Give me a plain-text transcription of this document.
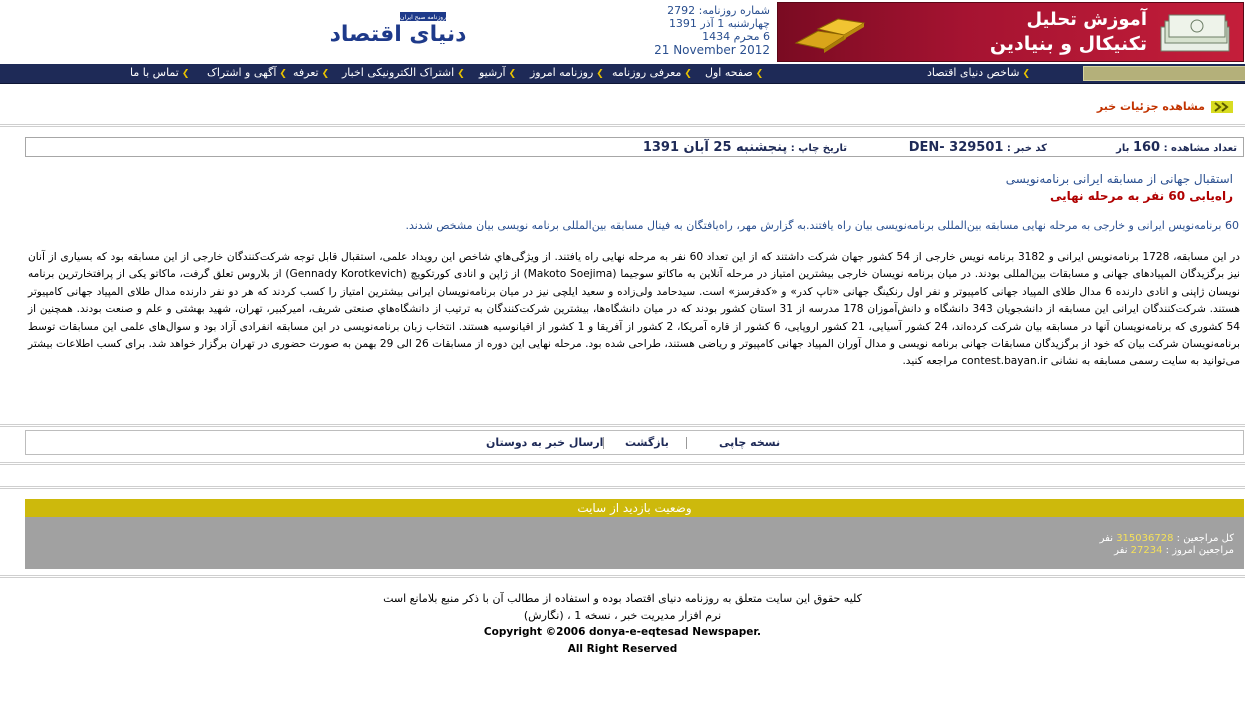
آموزش تحلیل
تکنیکال و بنیادین
شماره روزنامه: 2792
چهارشنبه 1 آذر 1391
6 محرم 1434
21 November 2012
روزنامه صبح ایران
دنیای اقتصاد
❯شاخص دنیای اقتصاد
❯صفحه اول
❯معرفی روزنامه
❯روزنامه امروز
❯آرشیو
❯اشتراک الکترونیکی اخبار
❯تعرفه
❯آگهی و اشتراک
❯تماس با ما
مشاهده جزئیات خبر
تعداد مشاهده : 160 بار
کد خبر : DEN- 329501
تاریخ چاپ : پنجشنبه 25 آبان 1391
استقبال جهانی از مسابقه ایرانی برنامه‌نویسی
راه‌یابی 60 نفر به مرحله نهایی
60 برنامه‌نویس ایرانی و خارجی به مرحله نهایی مسابقه بین‌المللی برنامه‌نویسی بیان راه یافتند.به گزارش مهر، راه‌یافتگان به فینال مسابقه بین‌المللی برنامه نویسی بیان مشخص شدند.
در این مسابقه، 1728 برنامه‌نویس ایرانی و 3182 برنامه نویس خارجی از 54 کشور جهان شرکت داشتند که از این تعداد 60 نفر به مرحله نهایی راه یافتند. از ويژگی‌هاي شاخص اين رويداد علمی، استقبال قابل توجه شرکت‌کنندگان خارجی از این مسابقه بود که بسیاری از آنان نیز برگزیدگان المپیادهای جهانی و مسابقات بین‌المللی بودند. در میان برنامه نویسان خارجی بیشترین امتیاز در مرحله آنلاین به ماکاتو سوجیما (Makoto Soejima) از ژاپن و انادی کورتکویچ (Gennady Korotkevich) از بلاروس تعلق گرفت، ماکاتو یکی از پرافتخارترین برنامه نویسان ژاپنی و انادی دارنده 6 مدال طلای المپیاد جهانی کامپیوتر و نفر اول رنکینگ جهانی «تاپ کدر» و «کدفرسز» است. سیدحامد ولی‌زاده و سعید ایلچی نیز در میان برنامه‌نویسان ایرانی بیشترین امتیاز را کسب کردند که هر دو نفر دارنده مدال طلای المپیاد جهانی کامپیوتر هستند. شرکت‌کنندگان ایرانی این مسابقه از دانشجويان 343 دانشگاه و دانش‌آموزان 178 مدرسه از 31 استان کشور بودند که در میان دانشگاه‌ها، بیشترین شرکت‌کنندگان به ترتیب از دانشگاه‌هاي صنعتی شریف، امیرکبیر، تهران، شهید بهشتی و علم و صنعت بودند. همچنین از 54 کشوری که برنامه‌نویسان آنها در مسابقه بیان شرکت کرده‌اند، 24 کشور آسیایی، 21 کشور اروپایی، 6 کشور از قاره آمریکا، 2 کشور از آفریقا و 1 کشور از اقیانوسیه هستند. انتخاب زبان برنامه‌نویسی در این مسابقه انفرادی آزاد بود و سوال‌های علمی این مسابقات توسط برنامه‌نویسان شرکت بیان که خود از برگزیدگان مسابقات جهانی برنامه نویسی و مدال آوران المپیاد جهانی کامپیوتر و ریاضی هستند، طراحی شده بود. مرحله نهایی این دوره از مسابقات 26 الی 29 بهمن به صورت حضوری در تهران برگزار خواهد شد. برای کسب اطلاعات بیشتر می‌توانید به سایت رسمی مسابقه به نشانی contest.bayan.ir مراجعه کنید.
نسخه چاپی
بازگشت
ارسال خبر به دوستان
وضعیت بازدید از سایت
کل مراجعین : 315036728 نفر
مراجعین امروز : 27234 نفر
کلیه حقوق این سایت متعلق به روزنامه دنیای اقتصاد بوده و استفاده از مطالب آن با ذکر منبع بلامانع است
نرم افزار مدیریت خبر ، نسخه 1 ، (نگارش)
Copyright ©2006 donya-e-eqtesad Newspaper.
All Right Reserved
